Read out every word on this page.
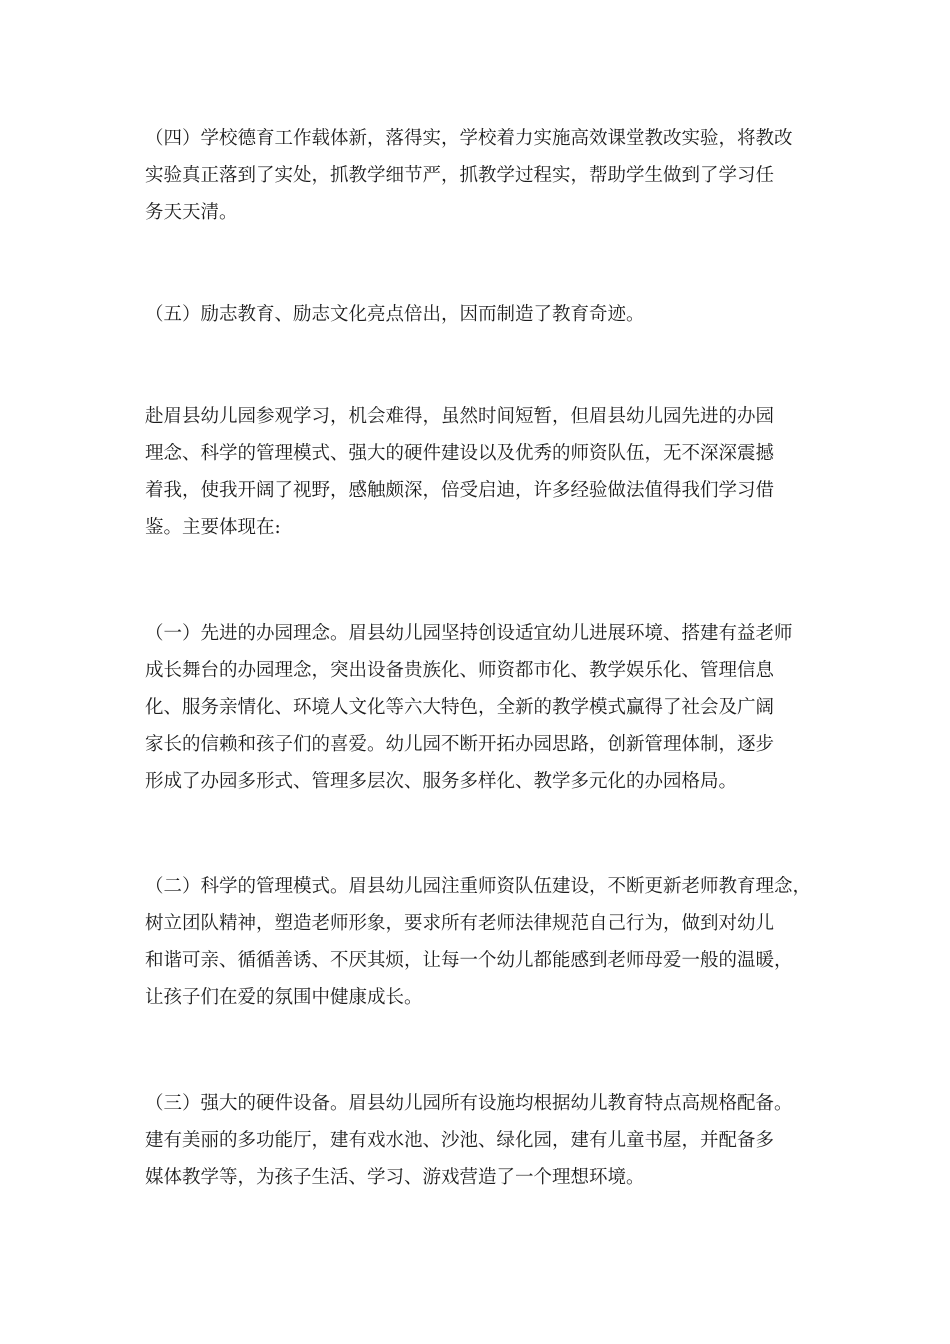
（四）学校德育工作载体新，落得实，学校着力实施高效课堂教改实验，将教改
实验真正落到了实处，抓教学细节严，抓教学过程实，帮助学生做到了学习任
务天天清。
（五）励志教育、励志文化亮点倍出，因而制造了教育奇迹。
赴眉县幼儿园参观学习，机会难得，虽然时间短暂，但眉县幼儿园先进的办园
理念、科学的管理模式、强大的硬件建设以及优秀的师资队伍，无不深深震撼
着我，使我开阔了视野，感触颇深，倍受启迪，许多经验做法值得我们学习借
鉴。主要体现在:
（一）先进的办园理念。眉县幼儿园坚持创设适宜幼儿进展环境、搭建有益老师
成长舞台的办园理念，突出设备贵族化、师资都市化、教学娱乐化、管理信息
化、服务亲情化、环境人文化等六大特色，全新的教学模式赢得了社会及广阔
家长的信赖和孩子们的喜爱。幼儿园不断开拓办园思路，创新管理体制，逐步
形成了办园多形式、管理多层次、服务多样化、教学多元化的办园格局。
（二）科学的管理模式。眉县幼儿园注重师资队伍建设，不断更新老师教育理念，
树立团队精神，塑造老师形象，要求所有老师法律规范自己行为，做到对幼儿
和谐可亲、循循善诱、不厌其烦，让每一个幼儿都能感到老师母爱一般的温暖，
让孩子们在爱的氛围中健康成长。
（三）强大的硬件设备。眉县幼儿园所有设施均根据幼儿教育特点高规格配备。
建有美丽的多功能厅，建有戏水池、沙池、绿化园，建有儿童书屋，并配备多
媒体教学等，为孩子生活、学习、游戏营造了一个理想环境。
